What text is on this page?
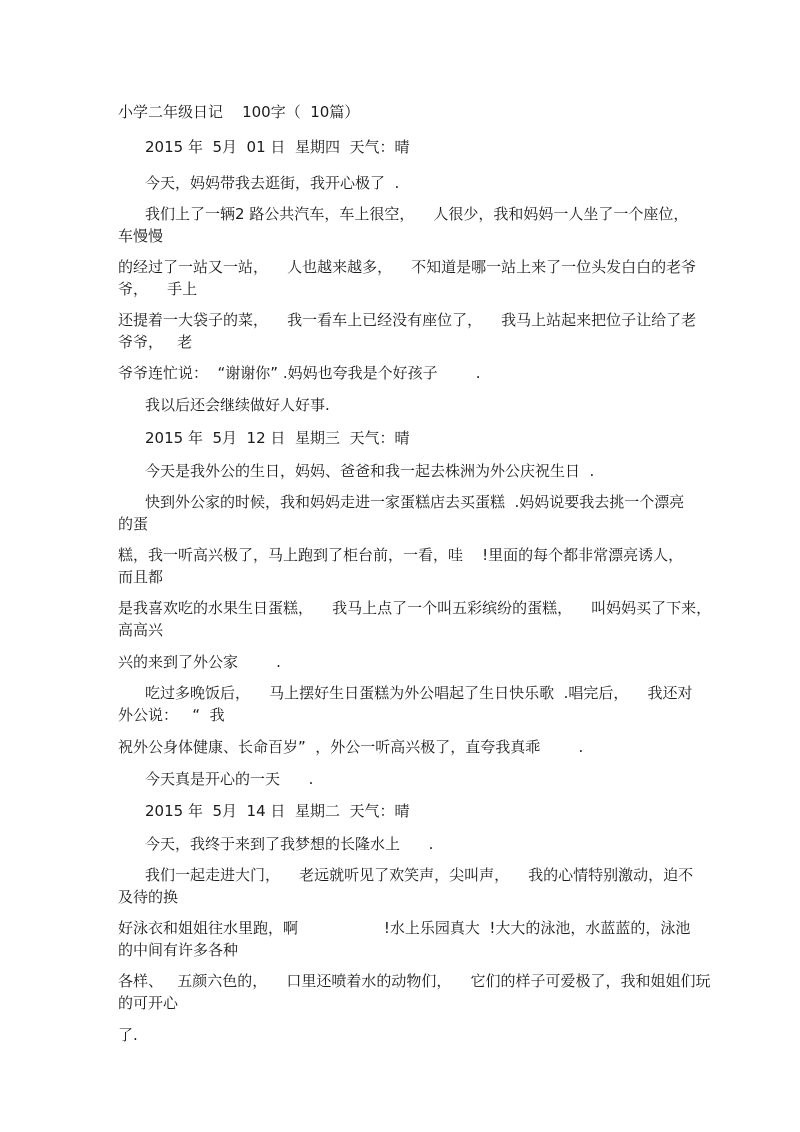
小学二年级日记    100字（  10篇）

2015 年  5月  01 日  星期四  天气：晴

今天，妈妈带我去逛街，我开心极了  .

我们上了一辆2 路公共汽车，车上很空，    人很少，我和妈妈一人坐了一个座位，

车慢慢

的经过了一站又一站，    人也越来越多，    不知道是哪一站上来了一位头发白白的老爷

爷，    手上

还提着一大袋子的菜，    我一看车上已经没有座位了，    我马上站起来把位子让给了老

爷爷，   老

爷爷连忙说：  “谢谢你” .妈妈也夸我是个好孩子        .

我以后还会继续做好人好事.

2015 年  5月  12 日  星期三  天气：晴

今天是我外公的生日，妈妈、爸爸和我一起去株洲为外公庆祝生日  .

快到外公家的时候，我和妈妈走进一家蛋糕店去买蛋糕  .妈妈说要我去挑一个漂亮

的蛋

糕，我一听高兴极了，马上跑到了柜台前，一看，哇    !里面的每个都非常漂亮诱人，

而且都

是我喜欢吃的水果生日蛋糕，    我马上点了一个叫五彩缤纷的蛋糕，    叫妈妈买了下来，

高高兴

兴的来到了外公家        .

吃过多晚饭后，    马上摆好生日蛋糕为外公唱起了生日快乐歌  .唱完后，    我还对

外公说：   “  我

祝外公身体健康、长命百岁”  ，外公一听高兴极了，直夸我真乖        .

今天真是开心的一天      .

2015 年  5月  14 日  星期二  天气：晴

今天，我终于来到了我梦想的长隆水上      .

我们一起走进大门，    老远就听见了欢笑声，尖叫声，    我的心情特别激动，迫不

及待的换

好泳衣和姐姐往水里跑，啊                  !水上乐园真大  !大大的泳池，水蓝蓝的，泳池

的中间有许多各种

各样、   五颜六色的，    口里还喷着水的动物们，    它们的样子可爱极了，我和姐姐们玩

的可开心

了.
